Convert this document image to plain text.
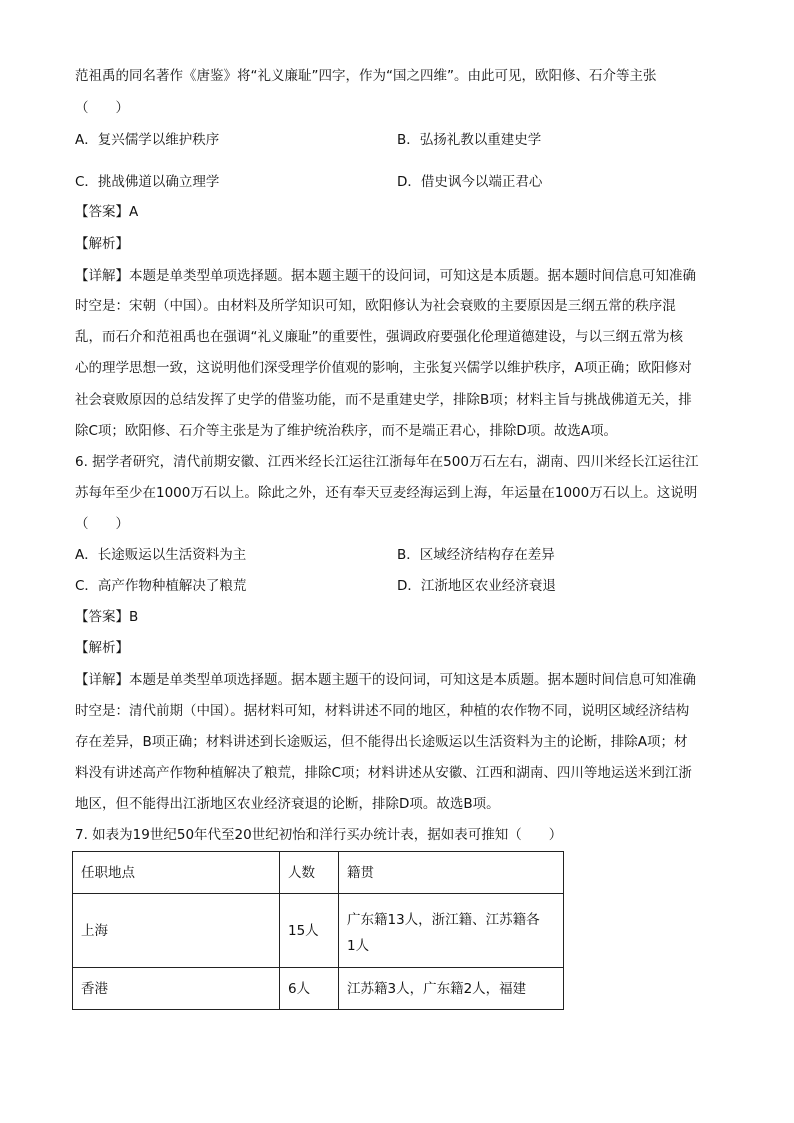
范祖禹的同名著作《唐鉴》将“礼义廉耻”四字，作为“国之四维”。由此可见，欧阳修、石介等主张
（　　）
A．复兴儒学以维护秩序	B．弘扬礼教以重建史学
C．挑战佛道以确立理学	D．借史讽今以端正君心
【答案】A
【解析】
【详解】本题是单类型单项选择题。据本题主题干的设问词，可知这是本质题。据本题时间信息可知准确
时空是：宋朝（中国）。由材料及所学知识可知，欧阳修认为社会衰败的主要原因是三纲五常的秩序混
乱，而石介和范祖禹也在强调“礼义廉耻”的重要性，强调政府要强化伦理道德建设，与以三纲五常为核
心的理学思想一致，这说明他们深受理学价值观的影响，主张复兴儒学以维护秩序，A项正确；欧阳修对
社会衰败原因的总结发挥了史学的借鉴功能，而不是重建史学，排除B项；材料主旨与挑战佛道无关，排
除C项；欧阳修、石介等主张是为了维护统治秩序，而不是端正君心，排除D项。故选A项。
6. 据学者研究，清代前期安徽、江西米经长江运往江浙每年在500万石左右，湖南、四川米经长江运往江
苏每年至少在1000万石以上。除此之外，还有奉天豆麦经海运到上海，年运量在1000万石以上。这说明
（　　）
A．长途贩运以生活资料为主	B．区域经济结构存在差异
C．高产作物种植解决了粮荒	D．江浙地区农业经济衰退
【答案】B
【解析】
【详解】本题是单类型单项选择题。据本题主题干的设问词，可知这是本质题。据本题时间信息可知准确
时空是：清代前期（中国）。据材料可知，材料讲述不同的地区，种植的农作物不同，说明区域经济结构
存在差异，B项正确；材料讲述到长途贩运，但不能得出长途贩运以生活资料为主的论断，排除A项；材
料没有讲述高产作物种植解决了粮荒，排除C项；材料讲述从安徽、江西和湖南、四川等地运送米到江浙
地区，但不能得出江浙地区农业经济衰退的论断，排除D项。故选B项。
7. 如表为19世纪50年代至20世纪初怡和洋行买办统计表，据如表可推知（　　）
任职地点	人数	籍贯
上海	15人	广东籍13人，浙江籍、江苏籍各
1人

香港	6人	江苏籍3人，广东籍2人，福建
